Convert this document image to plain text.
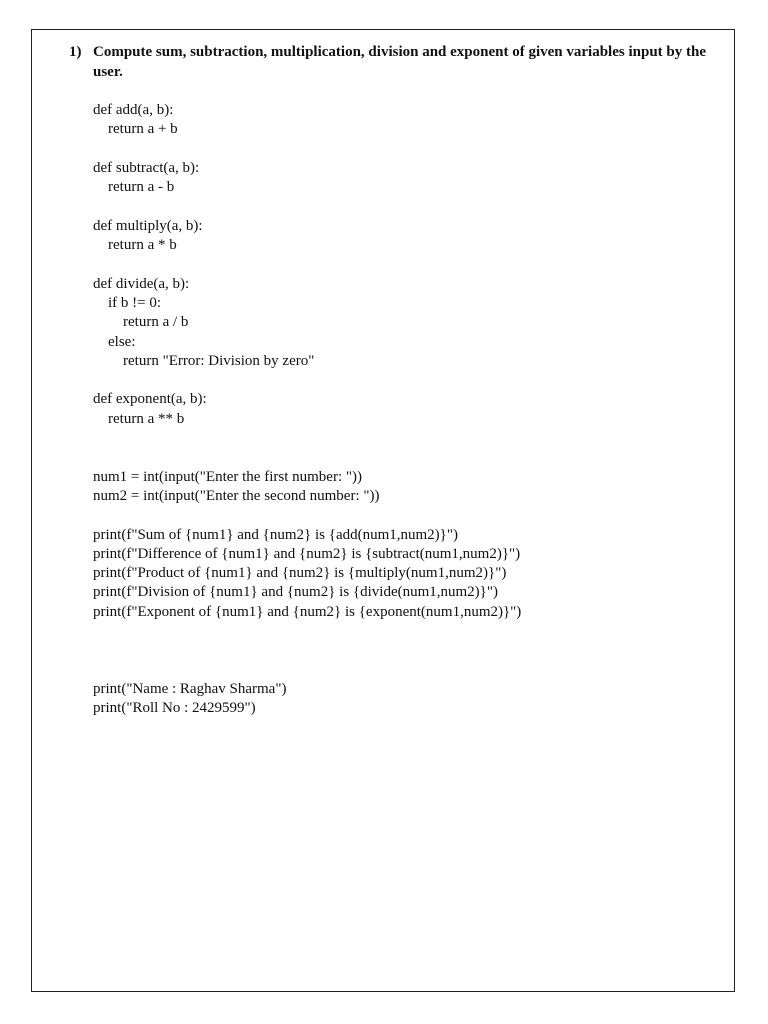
1) Compute sum, subtraction, multiplication, division and exponent of given variables input by the user.
def add(a, b):
return a + b
def subtract(a, b):
return a - b
def multiply(a, b):
return a * b
def divide(a, b):
if b != 0:
return a / b
else:
return "Error: Division by zero"
def exponent(a, b):
return a ** b
num1 = int(input("Enter the first number: "))
num2 = int(input("Enter the second number: "))
print(f"Sum of {num1} and {num2} is {add(num1,num2)}")
print(f"Difference of {num1} and {num2} is {subtract(num1,num2)}")
print(f"Product of {num1} and {num2} is {multiply(num1,num2)}")
print(f"Division of {num1} and {num2} is {divide(num1,num2)}")
print(f"Exponent of {num1} and {num2} is {exponent(num1,num2)}")
print("Name : Raghav Sharma")
print("Roll No : 2429599")
